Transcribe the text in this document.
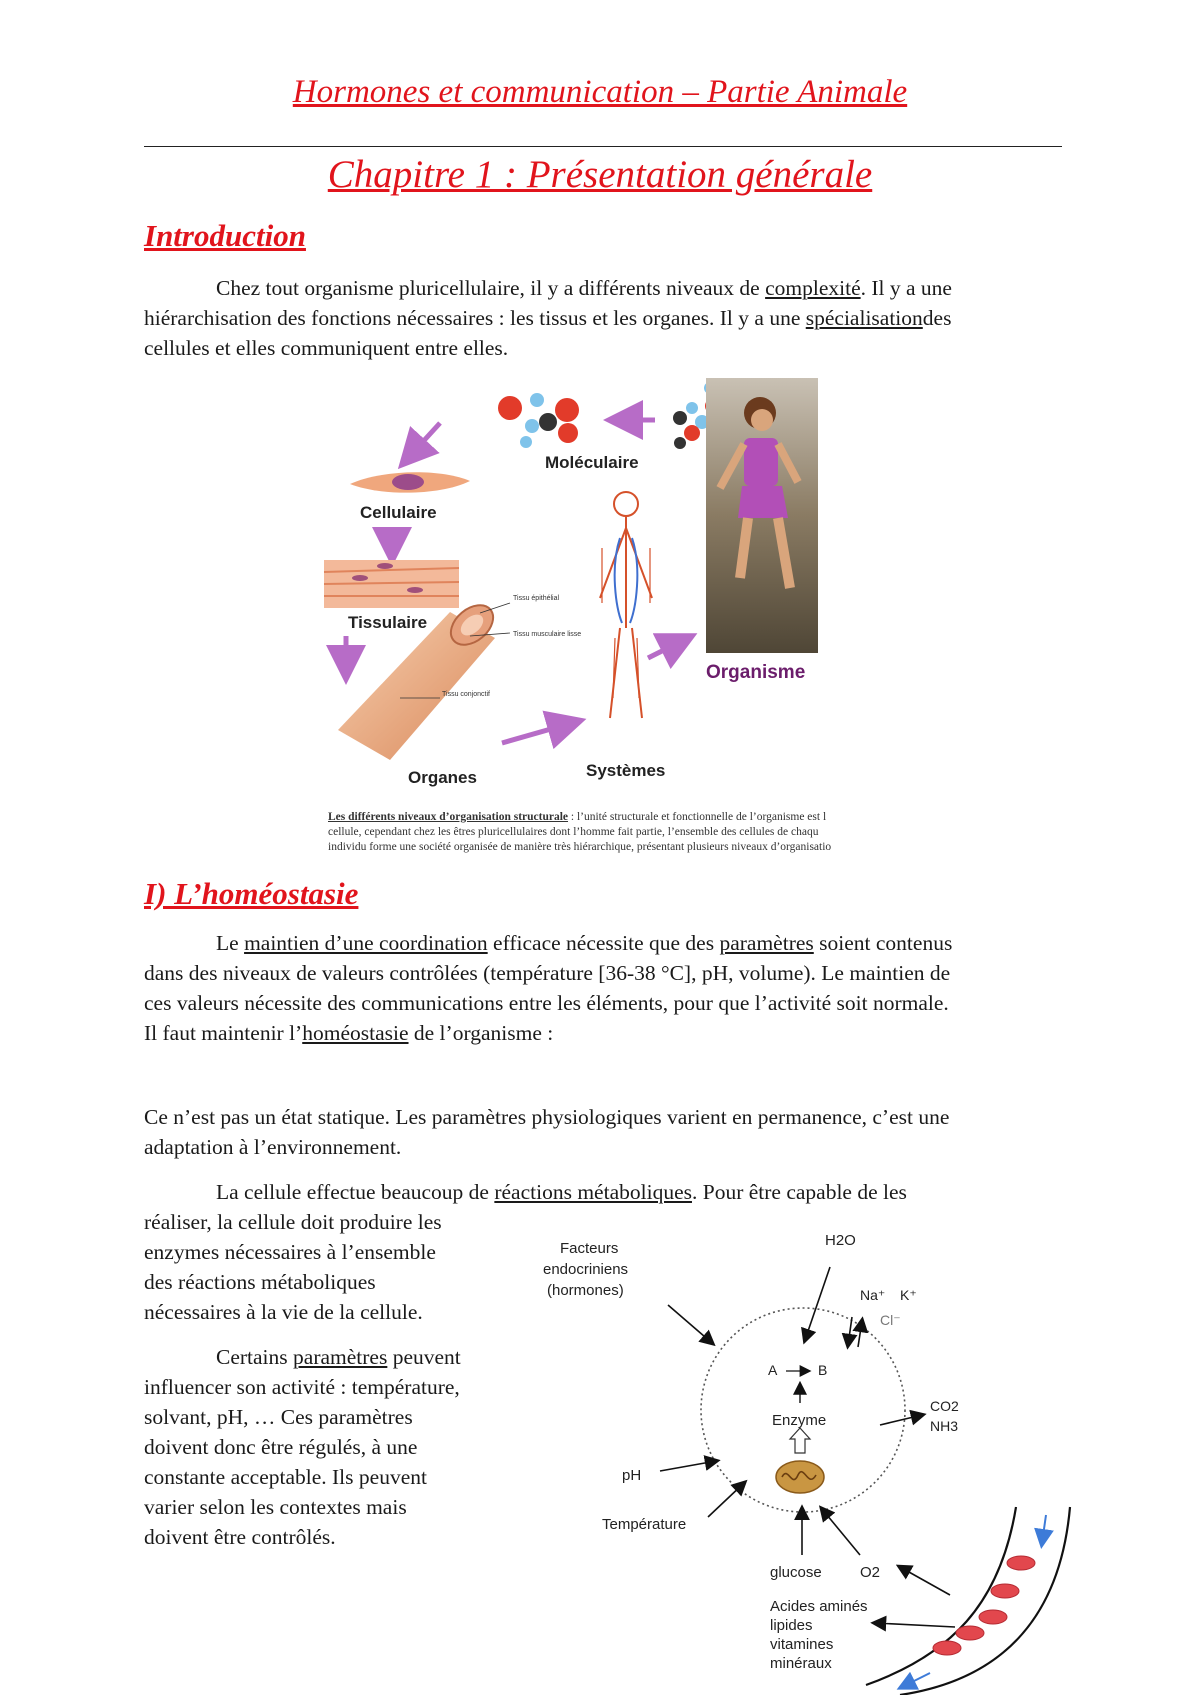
Hormones et communication – Partie Animale
Chapitre 1 : Présentation générale
Introduction
Chez tout organisme pluricellulaire, il y a différents niveaux de complexité. Il y a une
hiérarchisation des fonctions nécessaires : les tissus et les organes. Il y a une spécialisationdes
cellules et elles communiquent entre elles.
Moléculaire
Cellulaire
Tissulaire
Tissu épithélial
Tissu musculaire lisse
Tissu conjonctif
Organes	Systèmes
Organisme
Les différents niveaux d’organisation structurale : l’unité structurale et fonctionnelle de l’organisme est l
cellule, cependant chez les êtres pluricellulaires dont l’homme fait partie, l’ensemble des cellules de chaqu
individu forme une société organisée de manière très hiérarchique, présentant plusieurs niveaux d’organisatio
I) L’homéostasie
Le maintien d’une coordination efficace nécessite que des paramètres soient contenus
dans des niveaux de valeurs contrôlées (température [36-38 °C], pH, volume). Le maintien de
ces valeurs nécessite des communications entre les éléments, pour que l’activité soit normale.
Il faut maintenir l’homéostasie de l’organisme :
Ce n’est pas un état statique. Les paramètres physiologiques varient en permanence, c’est une
adaptation à l’environnement.
La cellule effectue beaucoup de réactions métaboliques. Pour être capable de les
réaliser, la cellule doit produire les
enzymes nécessaires à l’ensemble
des réactions métaboliques
nécessaires à la vie de la cellule.
Certains paramètres peuvent
influencer son activité : température,
solvant, pH, … Ces paramètres
doivent donc être régulés, à une
constante acceptable. Ils peuvent
varier selon les contextes mais
doivent être contrôlés.
Facteurs
endocriniens
(hormones)
H2O
Na⁺ K⁺
Cl⁻
A	B
Enzyme
CO2
NH3
pH
Température
glucose	O2
Acides aminés
lipides
vitamines
minéraux
